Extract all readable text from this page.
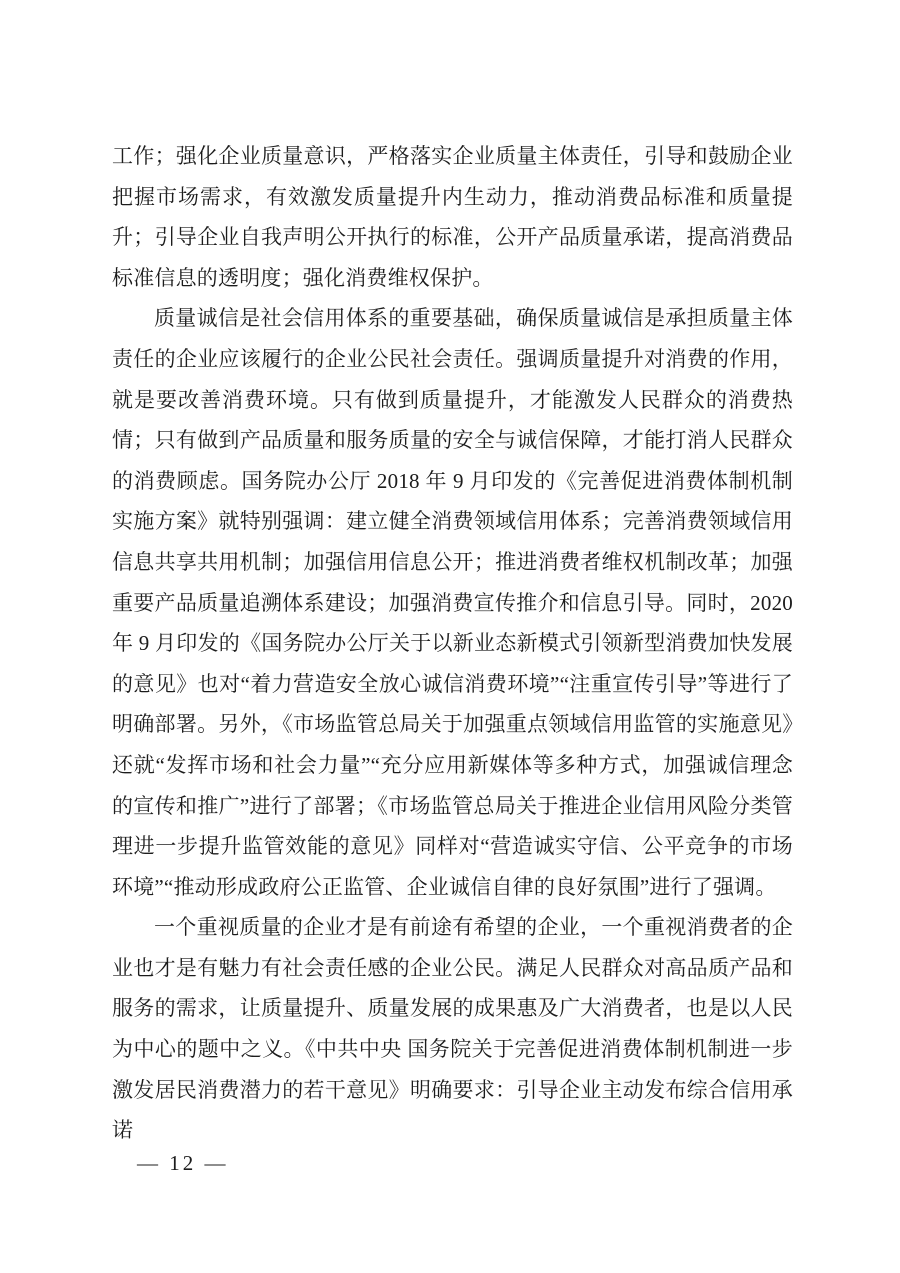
工作；强化企业质量意识，严格落实企业质量主体责任，引导和鼓励企业把握市场需求，有效激发质量提升内生动力，推动消费品标准和质量提升；引导企业自我声明公开执行的标准，公开产品质量承诺，提高消费品标准信息的透明度；强化消费维权保护。

质量诚信是社会信用体系的重要基础，确保质量诚信是承担质量主体责任的企业应该履行的企业公民社会责任。强调质量提升对消费的作用，就是要改善消费环境。只有做到质量提升，才能激发人民群众的消费热情；只有做到产品质量和服务质量的安全与诚信保障，才能打消人民群众的消费顾虑。国务院办公厅 2018 年 9 月印发的《完善促进消费体制机制实施方案》就特别强调：建立健全消费领域信用体系；完善消费领域信用信息共享共用机制；加强信用信息公开；推进消费者维权机制改革；加强重要产品质量追溯体系建设；加强消费宣传推介和信息引导。同时，2020 年 9 月印发的《国务院办公厅关于以新业态新模式引领新型消费加快发展的意见》也对“着力营造安全放心诚信消费环境”“注重宣传引导”等进行了明确部署。另外，《市场监管总局关于加强重点领域信用监管的实施意见》还就“发挥市场和社会力量”“充分应用新媒体等多种方式，加强诚信理念的宣传和推广”进行了部署；《市场监管总局关于推进企业信用风险分类管理进一步提升监管效能的意见》同样对“营造诚实守信、公平竞争的市场环境”“推动形成政府公正监管、企业诚信自律的良好氛围”进行了强调。

一个重视质量的企业才是有前途有希望的企业，一个重视消费者的企业也才是有魅力有社会责任感的企业公民。满足人民群众对高品质产品和服务的需求，让质量提升、质量发展的成果惠及广大消费者，也是以人民为中心的题中之义。《中共中央 国务院关于完善促进消费体制机制进一步激发居民消费潜力的若干意见》明确要求：引导企业主动发布综合信用承诺

— 12 —
